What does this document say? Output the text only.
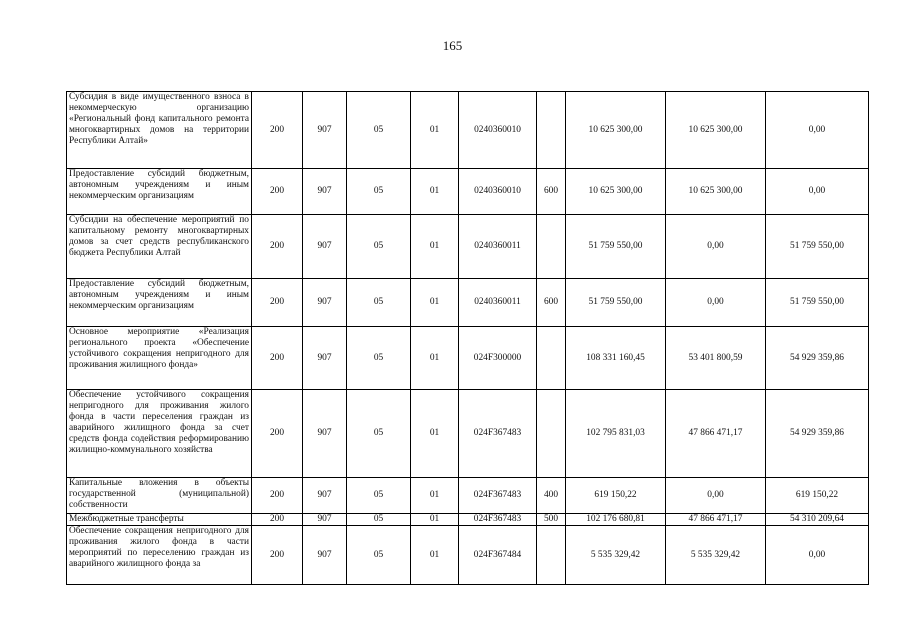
165
Субсидия в виде имущественного взноса в некоммерческую организацию «Региональный фонд капитального ремонта многоквартирных домов на территории Республики Алтай»	200	907	05	01	0240360010		10 625 300,00	10 625 300,00	0,00
Предоставление субсидий бюджетным, автономным учреждениям и иным некоммерческим организациям	200	907	05	01	0240360010	600	10 625 300,00	10 625 300,00	0,00
Субсидии на обеспечение мероприятий по капитальному ремонту многоквартирных домов за счет средств республиканского бюджета Республики Алтай	200	907	05	01	0240360011		51 759 550,00	0,00	51 759 550,00
Предоставление субсидий бюджетным, автономным учреждениям и иным некоммерческим организациям	200	907	05	01	0240360011	600	51 759 550,00	0,00	51 759 550,00
Основное мероприятие «Реализация регионального проекта «Обеспечение устойчивого сокращения непригодного для проживания жилищного фонда»	200	907	05	01	024F300000		108 331 160,45	53 401 800,59	54 929 359,86
Обеспечение устойчивого сокращения непригодного для проживания жилого фонда в части переселения граждан из аварийного жилищного фонда за счет средств фонда содействия реформированию жилищно-коммунального хозяйства	200	907	05	01	024F367483		102 795 831,03	47 866 471,17	54 929 359,86
Капитальные вложения в объекты государственной (муниципальной) собственности	200	907	05	01	024F367483	400	619 150,22	0,00	619 150,22
Межбюджетные трансферты	200	907	05	01	024F367483	500	102 176 680,81	47 866 471,17	54 310 209,64
Обеспечение сокращения непригодного для проживания жилого фонда в части мероприятий по переселению граждан из аварийного жилищного фонда за	200	907	05	01	024F367484		5 535 329,42	5 535 329,42	0,00
